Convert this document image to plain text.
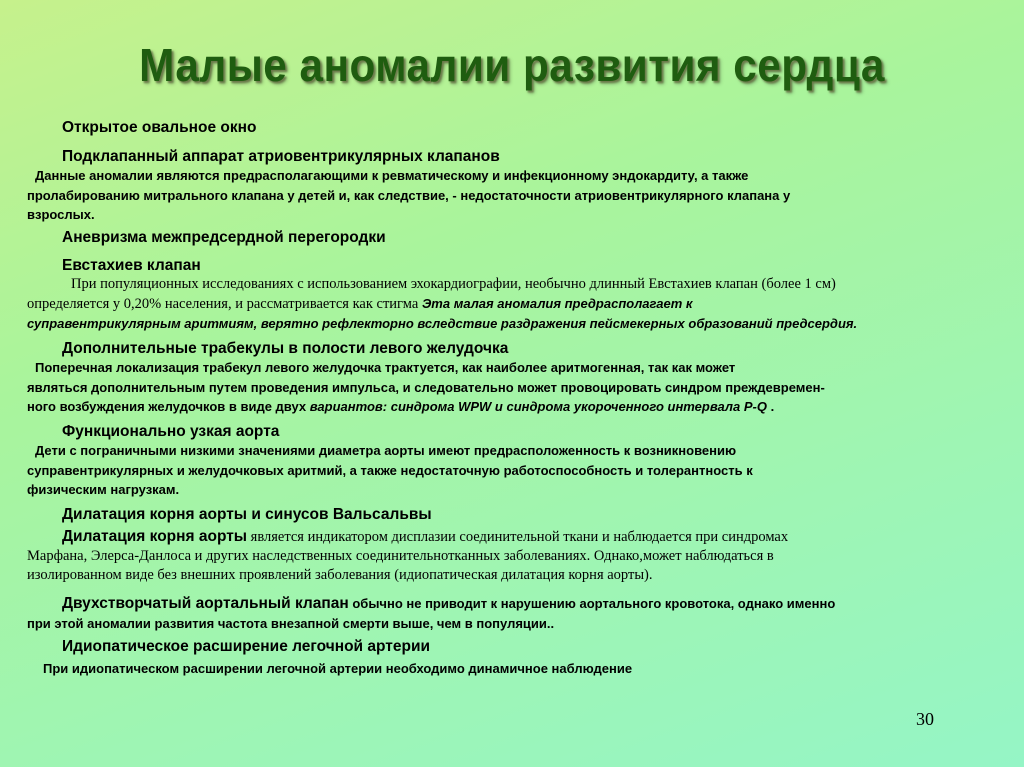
Малые аномалии развития сердца
Открытое овальное окно
Подклапанный аппарат атриовентрикулярных клапанов
Данные аномалии являются предрасполагающими к ревматическому и инфекционному эндокардиту, а также
пролабированию митрального клапана у детей и, как следствие, - недостаточности атриовентрикулярного клапана у
взрослых.
Аневризма межпредсердной перегородки
Евстахиев клапан
При популяционных исследованиях с использованием эхокардиографии, необычно длинный Евстахиев клапан (более 1 см)
определяется у 0,20% населения, и рассматривается как стигма Эта малая аномалия предрасполагает к
суправентрикулярным аритмиям, верятно рефлекторно вследствие раздражения пейсмекерных образований предсердия.
Дополнительные трабекулы в полости левого желудочка
Поперечная локализация трабекул левого желудочка трактуется, как наиболее аритмогенная, так как может
являться дополнительным путем проведения импульса, и следовательно может провоцировать синдром преждевремен-
ного возбуждения желудочков в виде двух вариантов: синдрома WPW и синдрома укороченного интервала P-Q .
Функционально узкая аорта
Дети с пограничными низкими значениями диаметра аорты имеют предрасположенность к возникновению
суправентрикулярных и желудочковых аритмий, а также недостаточную работоспособность и толерантность к
физическим нагрузкам.
Дилатация корня аорты и синусов Вальсальвы
Дилатация корня аорты является индикатором дисплазии соединительной ткани и наблюдается при синдромах
Марфана, Элерса-Данлоса и других наследственных соединительнотканных заболеваниях. Однако,может наблюдаться в
изолированном виде без внешних проявлений заболевания (идиопатическая дилатация корня аорты).
Двухстворчатый аортальный клапан обычно не приводит к нарушению аортального кровотока, однако именно
при этой аномалии развития частота внезапной смерти выше, чем в популяции..
Идиопатическое расширение легочной артерии
При идиопатическом расширении легочной артерии необходимо динамичное наблюдение
30
